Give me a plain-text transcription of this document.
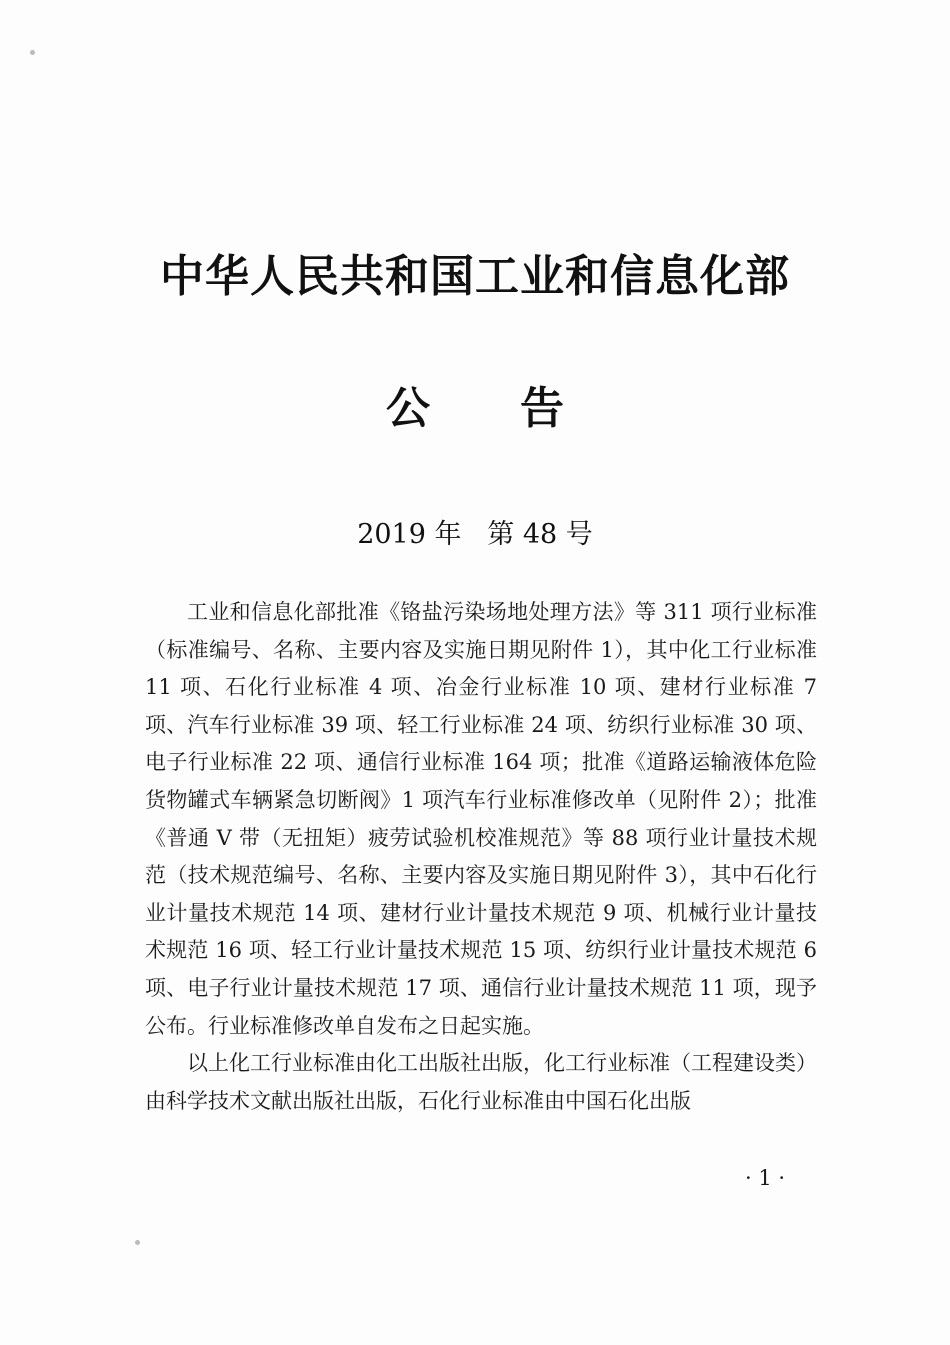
中华人民共和国工业和信息化部
公告
2019 年   第 48 号

工业和信息化部批准《铬盐污染场地处理方法》等 311 项行业标准（标准编号、名称、主要内容及实施日期见附件 1），其中化工行业标准 11 项、石化行业标准 4 项、冶金行业标准 10 项、建材行业标准 7 项、汽车行业标准 39 项、轻工行业标准 24 项、纺织行业标准 30 项、电子行业标准 22 项、通信行业标准 164 项；批准《道路运输液体危险货物罐式车辆紧急切断阀》1 项汽车行业标准修改单（见附件 2）；批准《普通 V 带（无扭矩）疲劳试验机校准规范》等 88 项行业计量技术规范（技术规范编号、名称、主要内容及实施日期见附件 3），其中石化行业计量技术规范 14 项、建材行业计量技术规范 9 项、机械行业计量技术规范 16 项、轻工行业计量技术规范 15 项、纺织行业计量技术规范 6 项、电子行业计量技术规范 17 项、通信行业计量技术规范 11 项，现予公布。行业标准修改单自发布之日起实施。

以上化工行业标准由化工出版社出版，化工行业标准（工程建设类）由科学技术文献出版社出版，石化行业标准由中国石化出版

· 1 ·
